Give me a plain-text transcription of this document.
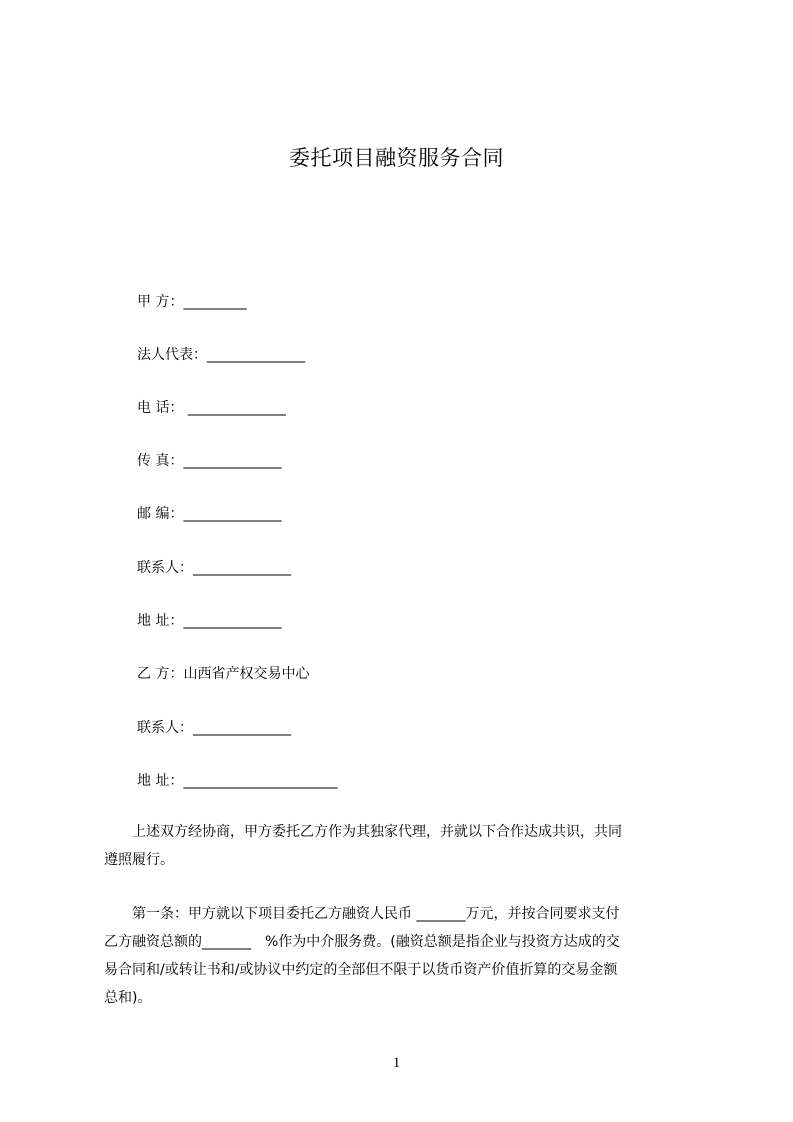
委托项目融资服务合同
甲 方：_________
法人代表：______________
电 话： ______________
传 真：______________
邮 编：______________
联系人：______________
地 址：______________
乙 方：山西省产权交易中心
联系人：______________
地 址：______________________
　　上述双方经协商，甲方委托乙方作为其独家代理，并就以下合作达成共识，共同
遵照履行。
　　第一条：甲方就以下项目委托乙方融资人民币 _______万元，并按合同要求支付
乙方融资总额的_______　%作为中介服务费。(融资总额是指企业与投资方达成的交
易合同和/或转让书和/或协议中约定的全部但不限于以货币资产价值折算的交易金额
总和)。
1
